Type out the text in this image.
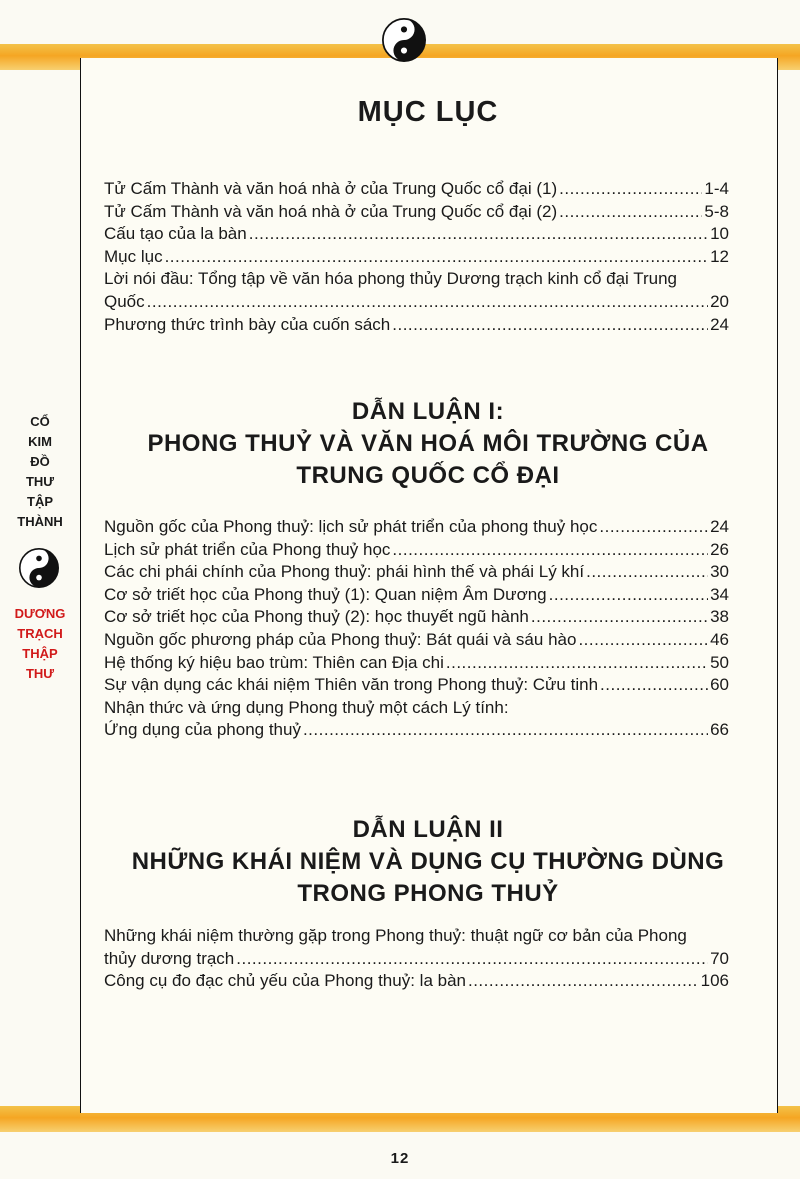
MỤC LỤC
Tử Cấm Thành và văn hoá nhà ở của Trung Quốc cổ đại (1) .....	1-4
Tử Cấm Thành và văn hoá nhà ở của Trung Quốc cổ đại (2) .....	5-8
Cấu tạo của la bàn .....	10
Mục lục .....	12
Lời nói đầu: Tổng tập về văn hóa phong thủy Dương trạch kinh cổ đại Trung
Quốc .....	20
Phương thức trình bày của cuốn sách .....	24
DẪN LUẬN I:
PHONG THUỶ VÀ VĂN HOÁ MÔI TRƯỜNG CỦA
TRUNG QUỐC CỔ ĐẠI
Nguồn gốc của Phong thuỷ: lịch sử phát triển của phong thuỷ học .....	24
Lịch sử phát triển của Phong thuỷ học .....	26
Các chi phái chính của Phong thuỷ: phái hình thế và phái Lý khí .....	30
Cơ sở triết học của Phong thuỷ (1): Quan niệm Âm Dương .....	34
Cơ sở triết học của Phong thuỷ (2): học thuyết ngũ hành .....	38
Nguồn gốc phương pháp của Phong thuỷ: Bát quái và sáu hào .....	46
Hệ thống ký hiệu bao trùm: Thiên can Địa chi .....	50
Sự vận dụng các khái niệm Thiên văn trong Phong thuỷ: Cửu tinh .....	60
Nhận thức và ứng dụng Phong thuỷ một cách Lý tính:
Ứng dụng của phong thuỷ .....	66
DẪN LUẬN II
NHỮNG KHÁI NIỆM VÀ DỤNG CỤ THƯỜNG DÙNG
TRONG PHONG THUỶ
Những khái niệm thường gặp trong Phong thuỷ: thuật ngữ cơ bản của Phong
thủy dương trạch .....	70
Công cụ đo đạc chủ yếu của Phong thuỷ: la bàn .....	106
CỔ
KIM
ĐỒ
THƯ
TẬP
THÀNH
DƯƠNG
TRẠCH
THẬP
THƯ
12
